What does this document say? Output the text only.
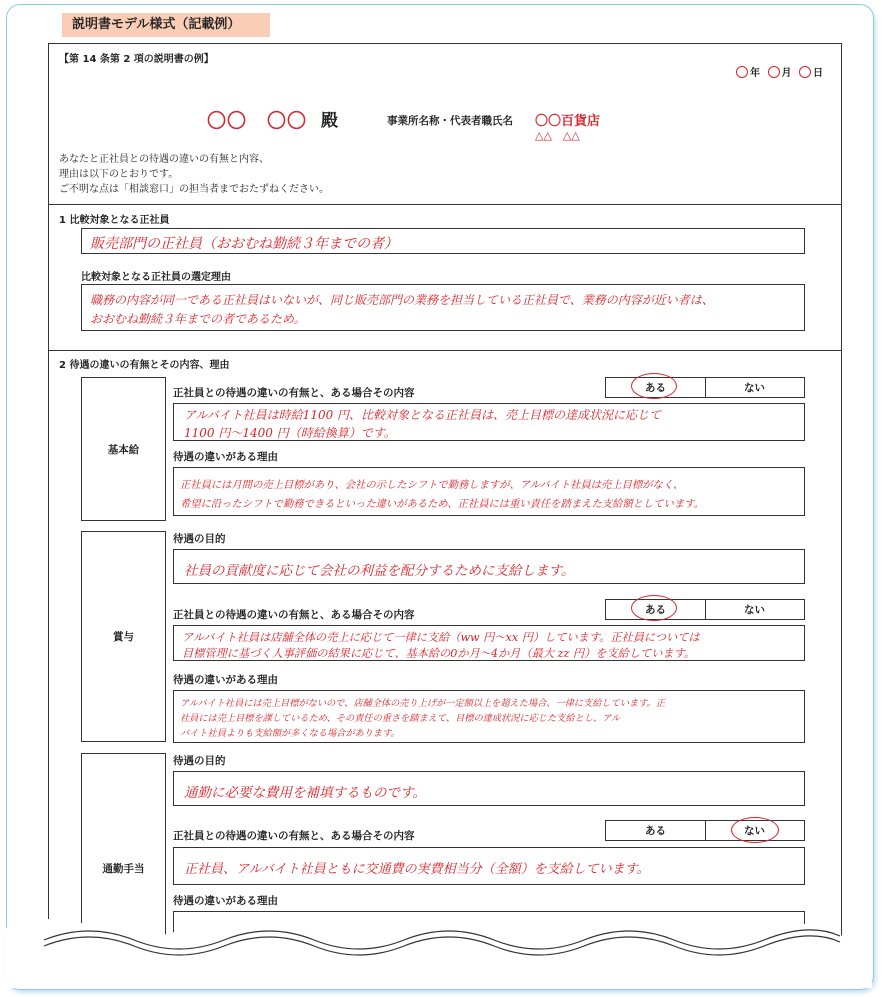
説明書モデル様式（記載例）
【第 14 条第 2 項の説明書の例】
年 月 日
〇〇　〇〇 殿	事業所名称・代表者職氏名 〇〇百貨店
△△　△△
あなたと正社員との待遇の違いの有無と内容、
理由は以下のとおりです。
ご不明な点は「相談窓口」の担当者までおたずねください。
1 比較対象となる正社員
販売部門の正社員（おおむね勤続３年までの者）
比較対象となる正社員の選定理由
職務の内容が同一である正社員はいないが、同じ販売部門の業務を担当している正社員で、業務の内容が近い者は、
おおむね勤続３年までの者であるため。
2 待遇の違いの有無とその内容、理由
基本給
正社員との待遇の違いの有無と、ある場合その内容	ある	ない
アルバイト社員は時給1100 円、比較対象となる正社員は、売上目標の達成状況に応じて
1100 円～1400 円（時給換算）です。
待遇の違いがある理由
正社員には月間の売上目標があり、会社の示したシフトで勤務しますが、アルバイト社員は売上目標がなく、
希望に沿ったシフトで勤務できるといった違いがあるため、正社員には重い責任を踏まえた支給額としています。
賞与
待遇の目的
社員の貢献度に応じて会社の利益を配分するために支給します。
正社員との待遇の違いの有無と、ある場合その内容	ある	ない
アルバイト社員は店舗全体の売上に応じて一律に支給（ww 円～xx 円）しています。正社員については
目標管理に基づく人事評価の結果に応じて、基本給の0か月～4か月（最大 zz 円）を支給しています。
待遇の違いがある理由
アルバイト社員には売上目標がないので、店舗全体の売り上げが一定額以上を超えた場合、一律に支給しています。正
社員には売上目標を課しているため、その責任の重さを踏まえて、目標の達成状況に応じた支給とし、アル
バイト社員よりも支給額が多くなる場合があります。
通勤手当
待遇の目的
通勤に必要な費用を補填するものです。
正社員との待遇の違いの有無と、ある場合その内容	ある	ない
正社員、アルバイト社員ともに交通費の実費相当分（全額）を支給しています。
待遇の違いがある理由
